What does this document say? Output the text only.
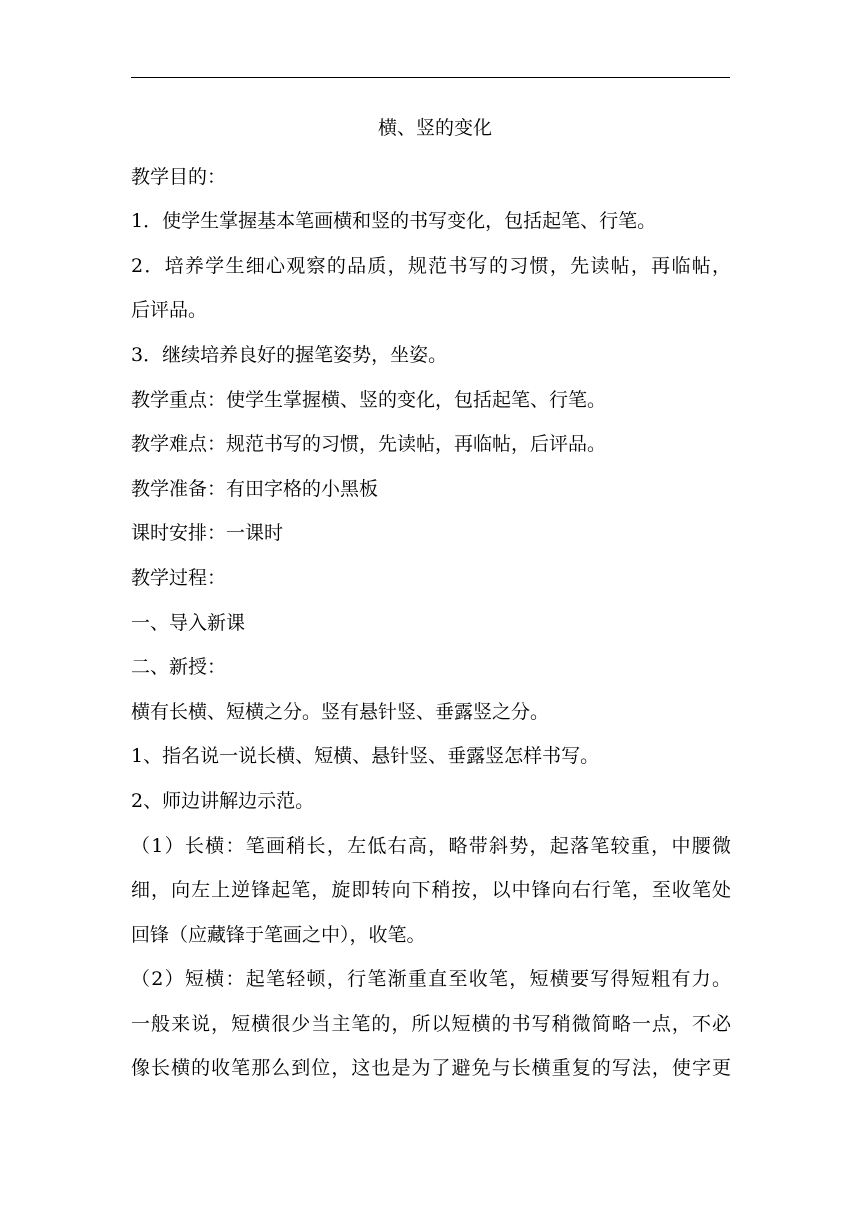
横、竖的变化
教学目的：
1．使学生掌握基本笔画横和竖的书写变化，包括起笔、行笔。
2．培养学生细心观察的品质，规范书写的习惯，先读帖，再临帖，
后评品。
3．继续培养良好的握笔姿势，坐姿。
教学重点：使学生掌握横、竖的变化，包括起笔、行笔。
教学难点：规范书写的习惯，先读帖，再临帖，后评品。
教学准备：有田字格的小黑板
课时安排：一课时
教学过程：
一、导入新课
二、新授：
横有长横、短横之分。竖有悬针竖、垂露竖之分。
1、指名说一说长横、短横、悬针竖、垂露竖怎样书写。
2、师边讲解边示范。
（1）长横：笔画稍长，左低右高，略带斜势，起落笔较重，中腰微
细，向左上逆锋起笔，旋即转向下稍按，以中锋向右行笔，至收笔处
回锋（应藏锋于笔画之中），收笔。
（2）短横：起笔轻顿，行笔渐重直至收笔，短横要写得短粗有力。
一般来说，短横很少当主笔的，所以短横的书写稍微简略一点，不必
像长横的收笔那么到位，这也是为了避免与长横重复的写法，使字更
